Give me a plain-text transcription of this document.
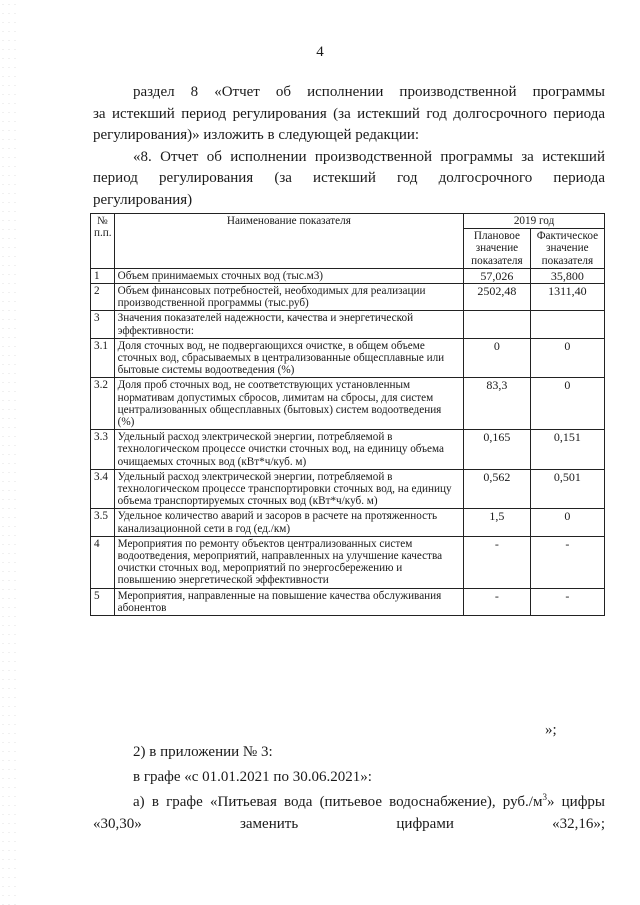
4

раздел 8 «Отчет об исполнении производственной программы

за истекший период регулирования (за истекший год долгосрочного периода

регулирования)» изложить в следующей редакции:

«8. Отчет об исполнении производственной программы за истекший

период регулирования (за истекший год долгосрочного периода

регулирования)

№ п.п.	Наименование показателя	2019 год	
		Плановое значение показателя	Фактическое значение показателя
1	Объем принимаемых сточных вод (тыс.м3)	57,026	35,800
2	Объем финансовых потребностей, необходимых для реализации производственной программы (тыс.руб)	2502,48	1311,40
3	Значения показателей надежности, качества и энергетической эффективности:		
3.1	Доля сточных вод, не подвергающихся очистке, в общем объеме сточных вод, сбрасываемых в централизованные общесплавные или бытовые системы водоотведения (%)	0	0
3.2	Доля проб сточных вод, не соответствующих установленным нормативам допустимых сбросов, лимитам на сбросы, для систем централизованных общесплавных (бытовых) систем водоотведения (%)	83,3	0
3.3	Удельный расход электрической энергии, потребляемой в технологическом процессе очистки сточных вод, на единицу объема очищаемых сточных вод (кВт*ч/куб. м)	0,165	0,151
3.4	Удельный расход электрической энергии, потребляемой в технологическом процессе транспортировки сточных вод, на единицу объема транспортируемых сточных вод (кВт*ч/куб. м)	0,562	0,501
3.5	Удельное количество аварий и засоров в расчете на протяженность канализационной сети в год (ед./км)	1,5	0
4	Мероприятия по ремонту объектов централизованных систем водоотведения, мероприятий, направленных на улучшение качества очистки сточных вод, мероприятий по энергосбережению и повышению энергетической эффективности	-	-
5	Мероприятия, направленные на повышение качества обслуживания абонентов	-	-
»;

2) в приложении № 3:

в графе «с 01.01.2021 по 30.06.2021»:

а) в графе «Питьевая вода (питьевое водоснабжение), $руб./м^3$» цифры «30,30» заменить цифрами «32,16»;
